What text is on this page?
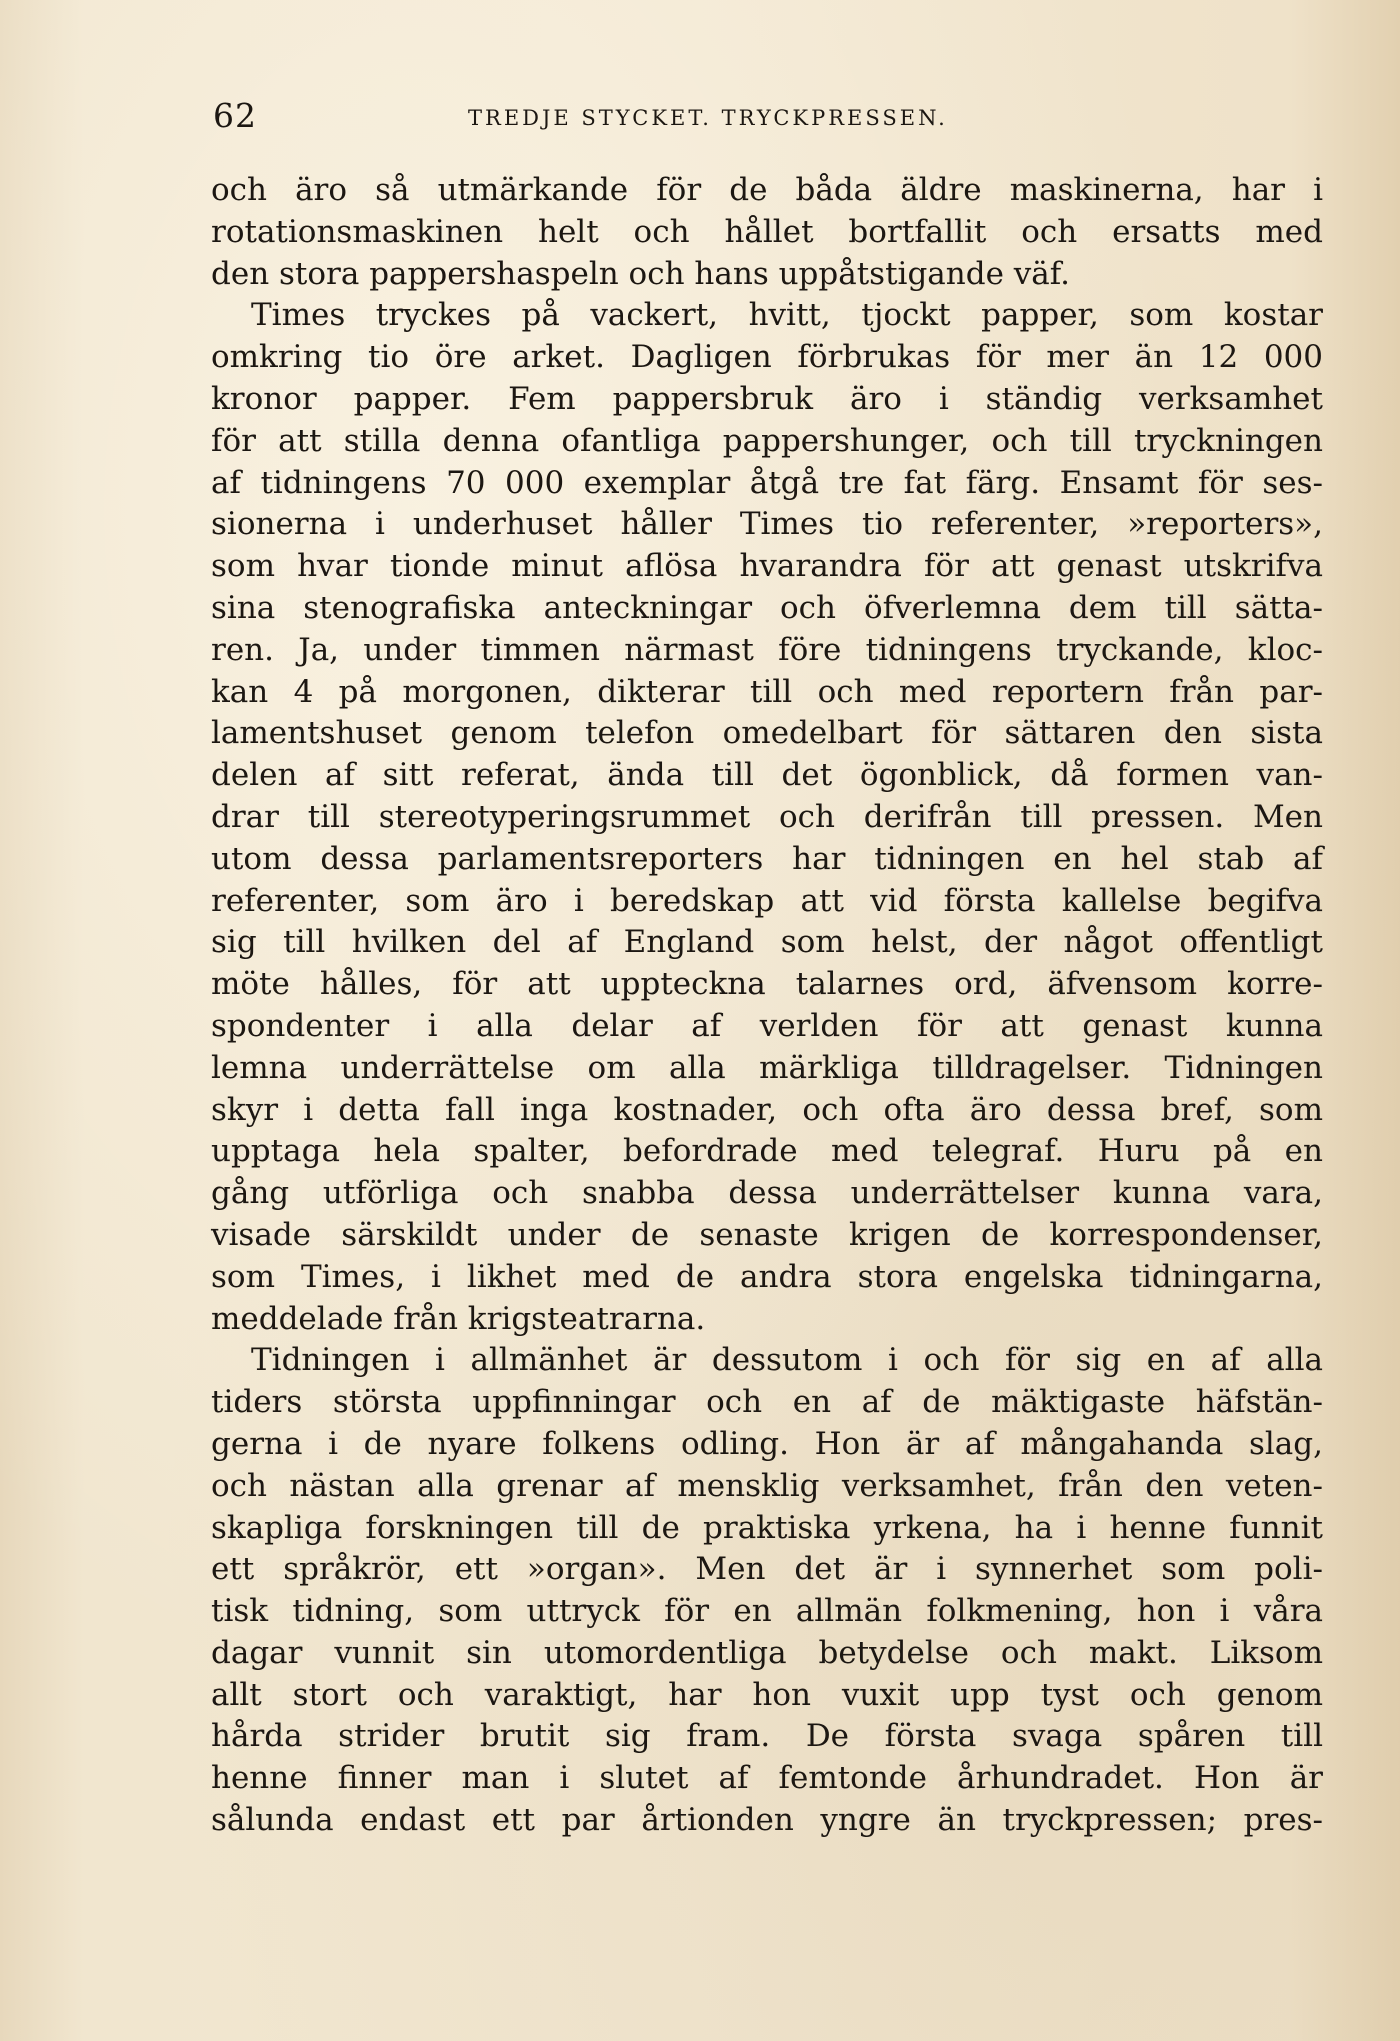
62	TREDJE STYCKET. TRYCKPRESSEN.
och äro så utmärkande för de båda äldre maskinerna, har i
rotationsmaskinen helt och hållet bortfallit och ersatts med
den stora pappershaspeln och hans uppåtstigande väf.
Times tryckes på vackert, hvitt, tjockt papper, som kostar
omkring tio öre arket. Dagligen förbrukas för mer än 12 000
kronor papper. Fem pappersbruk äro i ständig verksamhet
för att stilla denna ofantliga pappershunger, och till tryckningen
af tidningens 70 000 exemplar åtgå tre fat färg. Ensamt för ses-
sionerna i underhuset håller Times tio referenter, »reporters»,
som hvar tionde minut aflösa hvarandra för att genast utskrifva
sina stenografiska anteckningar och öfverlemna dem till sätta-
ren. Ja, under timmen närmast före tidningens tryckande, kloc-
kan 4 på morgonen, dikterar till och med reportern från par-
lamentshuset genom telefon omedelbart för sättaren den sista
delen af sitt referat, ända till det ögonblick, då formen van-
drar till stereotyperingsrummet och derifrån till pressen. Men
utom dessa parlamentsreporters har tidningen en hel stab af
referenter, som äro i beredskap att vid första kallelse begifva
sig till hvilken del af England som helst, der något offentligt
möte hålles, för att uppteckna talarnes ord, äfvensom korre-
spondenter i alla delar af verlden för att genast kunna
lemna underrättelse om alla märkliga tilldragelser. Tidningen
skyr i detta fall inga kostnader, och ofta äro dessa bref, som
upptaga hela spalter, befordrade med telegraf. Huru på en
gång utförliga och snabba dessa underrättelser kunna vara,
visade särskildt under de senaste krigen de korrespondenser,
som Times, i likhet med de andra stora engelska tidningarna,
meddelade från krigsteatrarna.
Tidningen i allmänhet är dessutom i och för sig en af alla
tiders största uppfinningar och en af de mäktigaste häfstän-
gerna i de nyare folkens odling. Hon är af mångahanda slag,
och nästan alla grenar af mensklig verksamhet, från den veten-
skapliga forskningen till de praktiska yrkena, ha i henne funnit
ett språkrör, ett »organ». Men det är i synnerhet som poli-
tisk tidning, som uttryck för en allmän folkmening, hon i våra
dagar vunnit sin utomordentliga betydelse och makt. Liksom
allt stort och varaktigt, har hon vuxit upp tyst och genom
hårda strider brutit sig fram. De första svaga spåren till
henne finner man i slutet af femtonde århundradet. Hon är
sålunda endast ett par årtionden yngre än tryckpressen; pres-
